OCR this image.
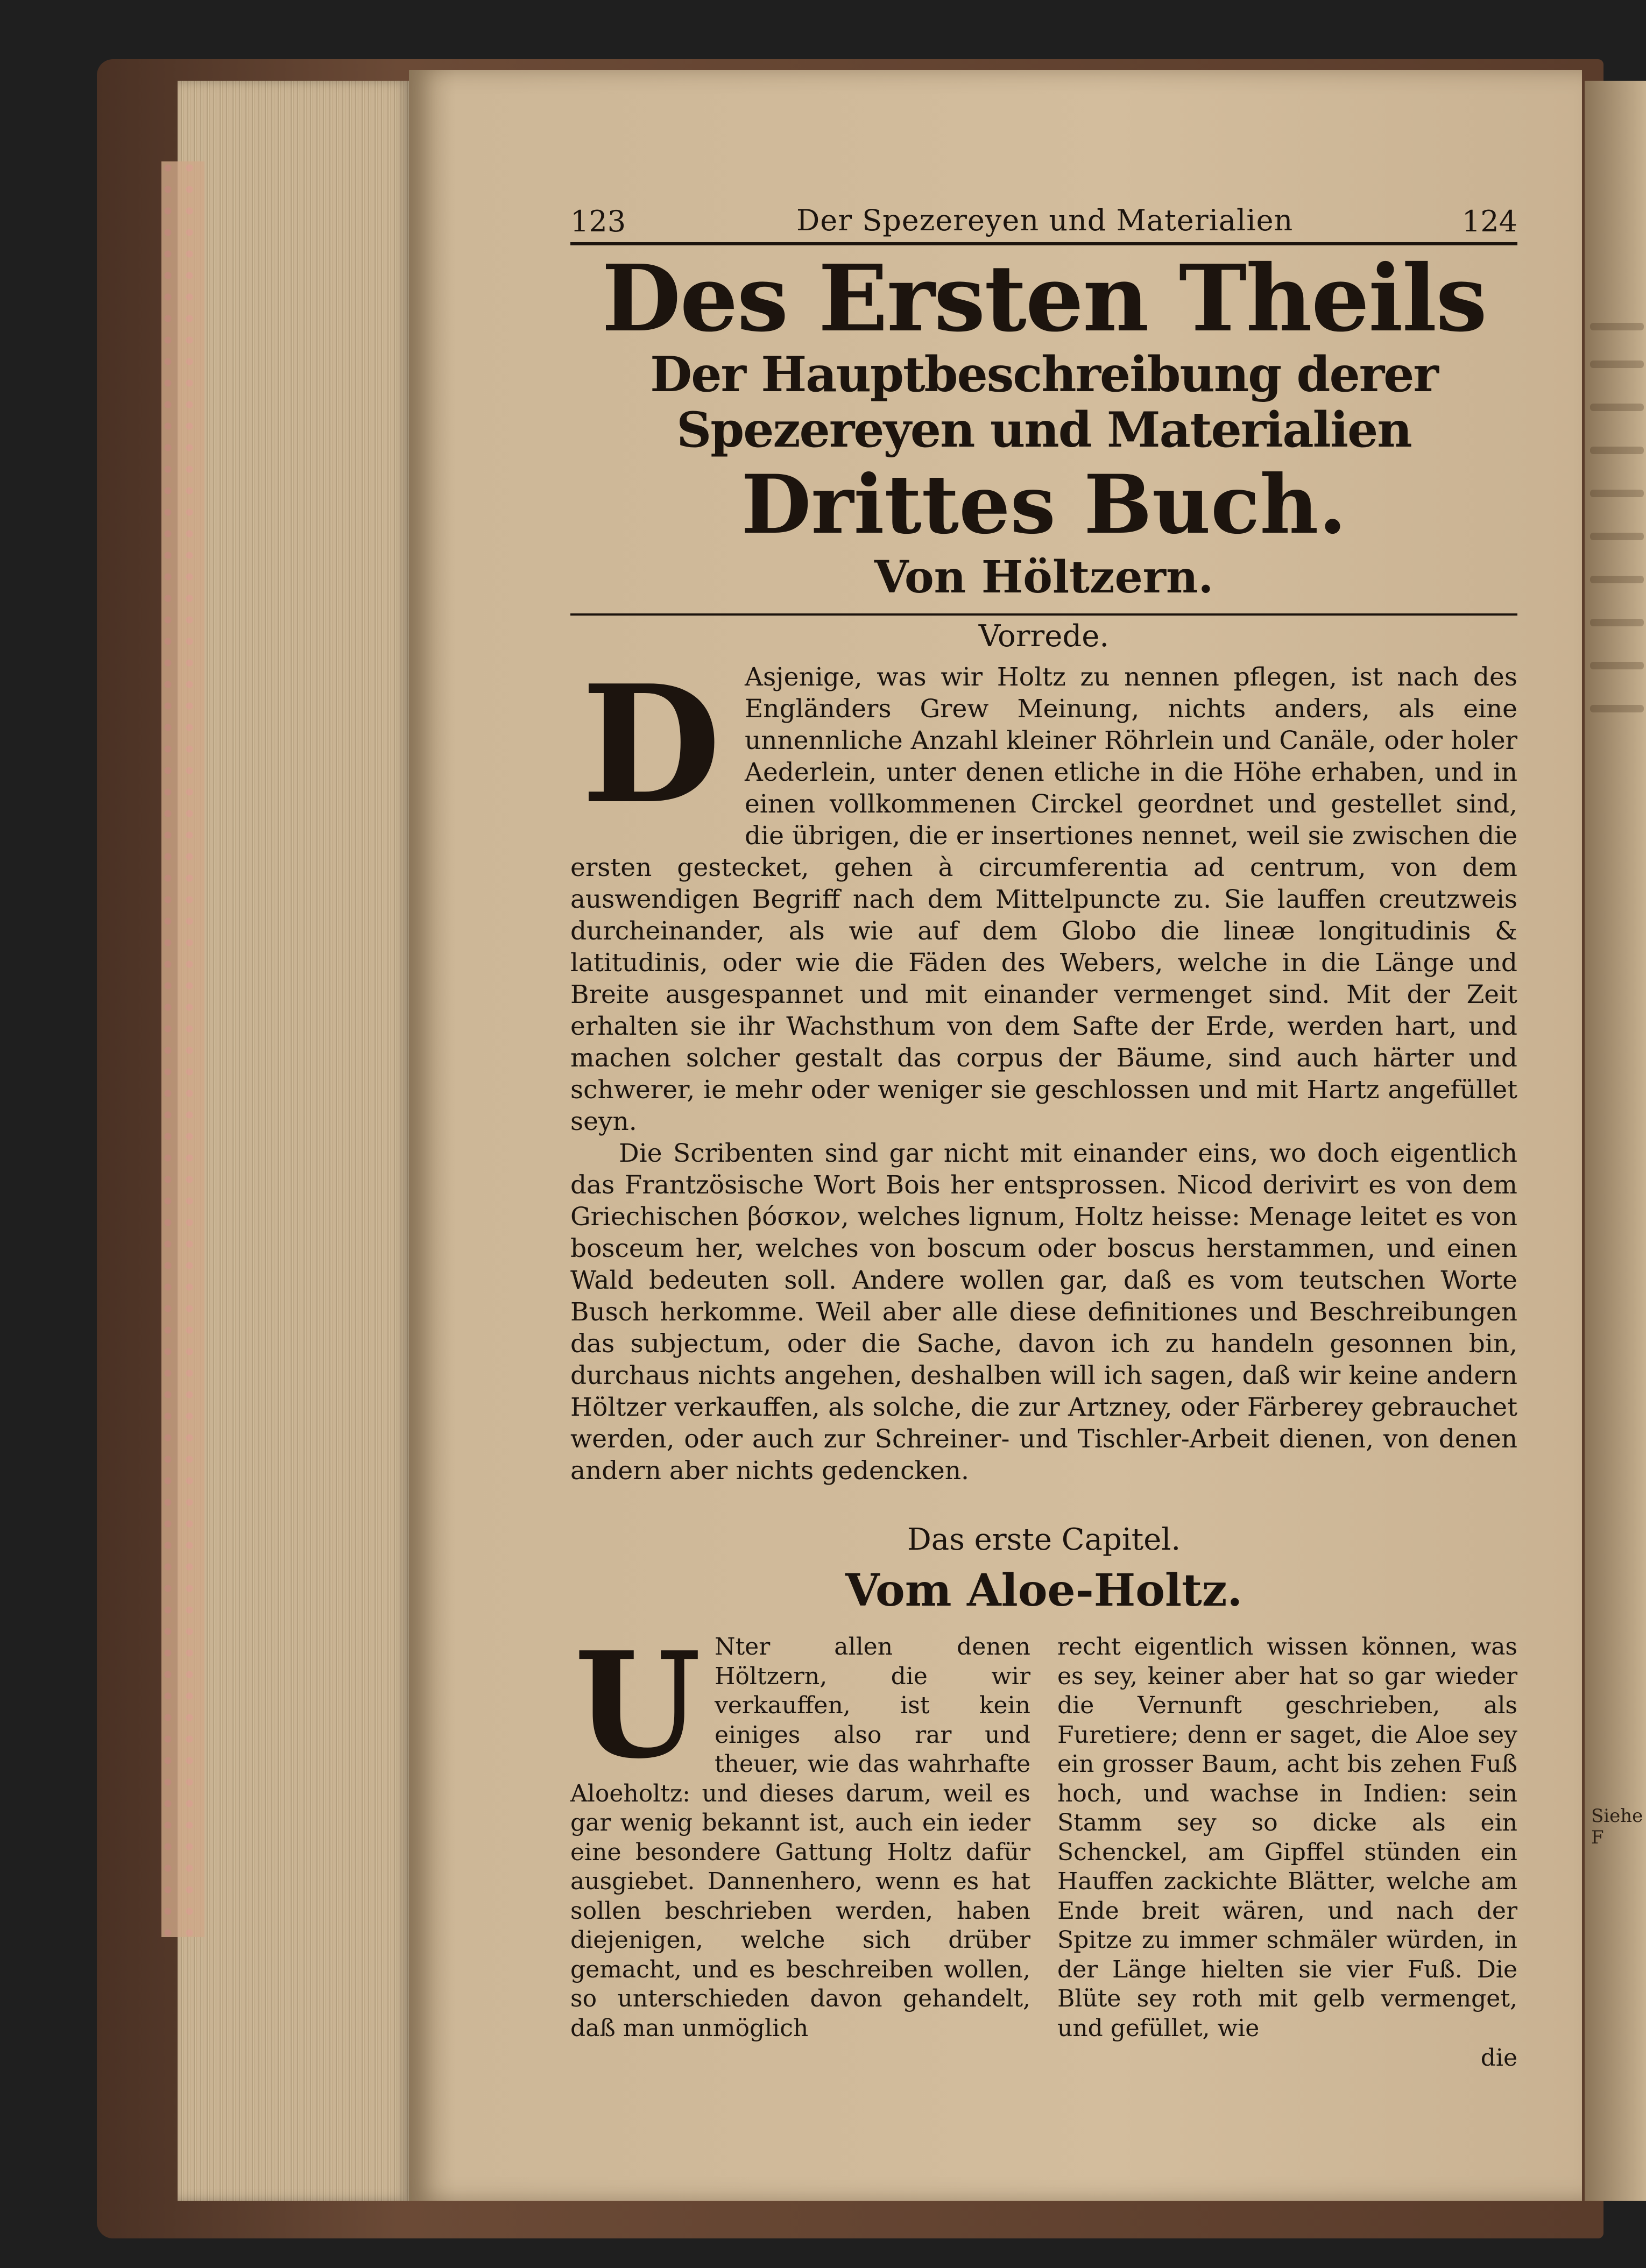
Siehe F
123	Der Spezereyen und Materialien	124
Des Ersten Theils
Der Hauptbeschreibung derer Spezereyen und Materialien
Drittes Buch.
Von Höltzern.
Vorrede.
D Asjenige, was wir Holtz zu nennen pflegen, ist nach des Engländers Grew Meinung, nichts anders, als eine unnennliche Anzahl kleiner Röhrlein und Canäle, oder holer Aederlein, unter denen etliche in die Höhe erhaben, und in einen vollkommenen Circkel geordnet und gestellet sind, die übrigen, die er insertiones nennet, weil sie zwischen die ersten gestecket, gehen à circumferentia ad centrum, von dem auswendigen Begriff nach dem Mittelpuncte zu. Sie lauffen creutzweis durcheinander, als wie auf dem Globo die lineæ longitudinis & latitudinis, oder wie die Fäden des Webers, welche in die Länge und Breite ausgespannet und mit einander vermenget sind. Mit der Zeit erhalten sie ihr Wachsthum von dem Safte der Erde, werden hart, und machen solcher gestalt das corpus der Bäume, sind auch härter und schwerer, ie mehr oder weniger sie geschlossen und mit Hartz angefüllet seyn.

Die Scribenten sind gar nicht mit einander eins, wo doch eigentlich das Frantzösische Wort Bois her entsprossen. Nicod derivirt es von dem Griechischen βόσκον, welches lignum, Holtz heisse: Menage leitet es von bosceum her, welches von boscum oder boscus herstammen, und einen Wald bedeuten soll. Andere wollen gar, daß es vom teutschen Worte Busch herkomme. Weil aber alle diese definitiones und Beschreibungen das subjectum, oder die Sache, davon ich zu handeln gesonnen bin, durchaus nichts angehen, deshalben will ich sagen, daß wir keine andern Höltzer verkauffen, als solche, die zur Artzney, oder Färberey gebrauchet werden, oder auch zur Schreiner- und Tischler-Arbeit dienen, von denen andern aber nichts gedencken.

Das erste Capitel.
Vom Aloe-Holtz.
U Nter allen denen Höltzern, die wir verkauffen, ist kein einiges also rar und theuer, wie das wahrhafte Aloeholtz: und dieses darum, weil es gar wenig bekannt ist, auch ein ieder eine besondere Gattung Holtz dafür ausgiebet. Dannenhero, wenn es hat sollen beschrieben werden, haben diejenigen, welche sich drüber gemacht, und es beschreiben wollen, so unterschieden davon gehandelt, daß man unmöglich

recht eigentlich wissen können, was es sey, keiner aber hat so gar wieder die Vernunft geschrieben, als Furetiere; denn er saget, die Aloe sey ein grosser Baum, acht bis zehen Fuß hoch, und wachse in Indien: sein Stamm sey so dicke als ein Schenckel, am Gipffel stünden ein Hauffen zackichte Blätter, welche am Ende breit wären, und nach der Spitze zu immer schmäler würden, in der Länge hielten sie vier Fuß. Die Blüte sey roth mit gelb vermenget, und gefüllet, wie

die
